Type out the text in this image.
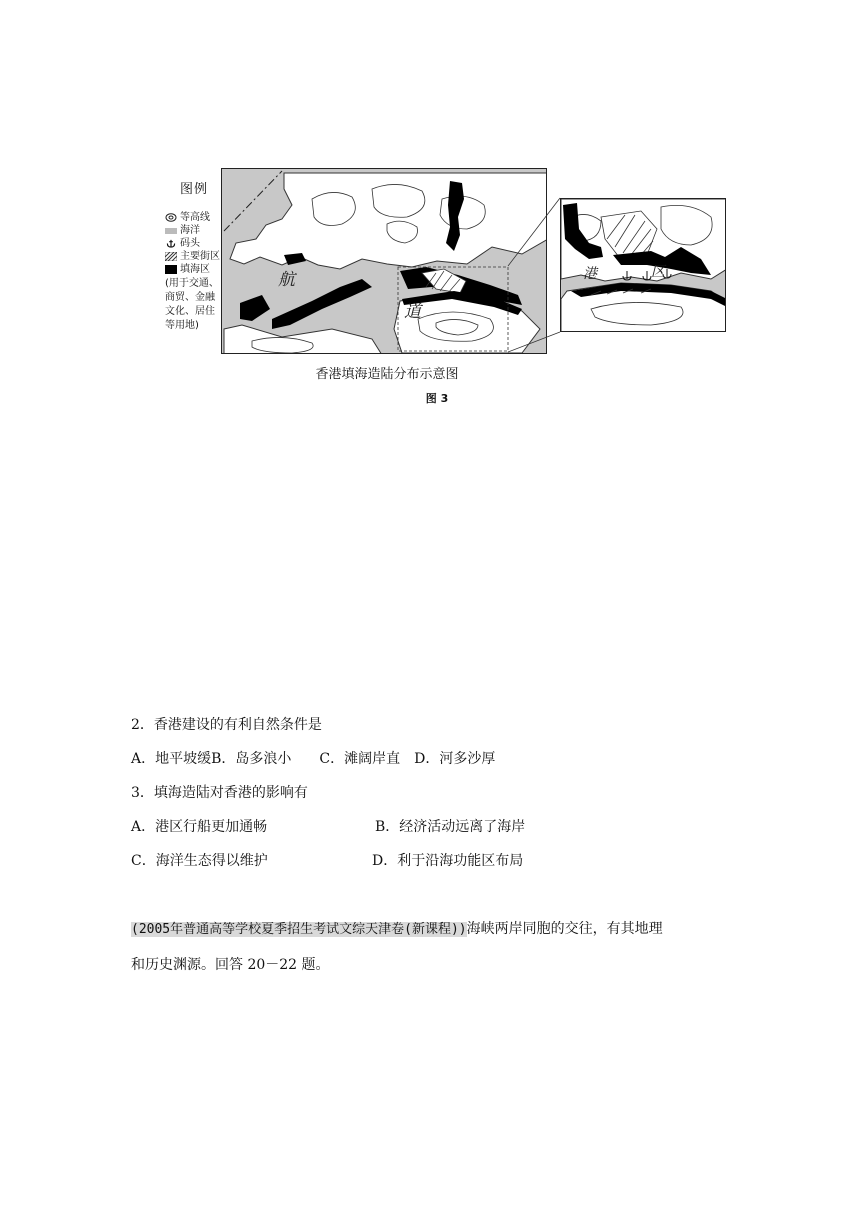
图例
等高线
海洋
码头
主要街区
填海区
(用于交通、
商贸、金融
文化、居住
等用地)
航
道
港	区
香港填海造陆分布示意图
图 3
2．香港建设的有利自然条件是
A．地平坡缓B．岛多浪小　　C．滩阔岸直　D．河多沙厚
3．填海造陆对香港的影响有
A．港区行船更加通畅	B．经济活动远离了海岸
C．海洋生态得以维护	D．利于沿海功能区布局
(2005年普通高等学校夏季招生考试文综天津卷(新课程))海峡两岸同胞的交往，有其地理
和历史渊源。回答 20－22 题。
